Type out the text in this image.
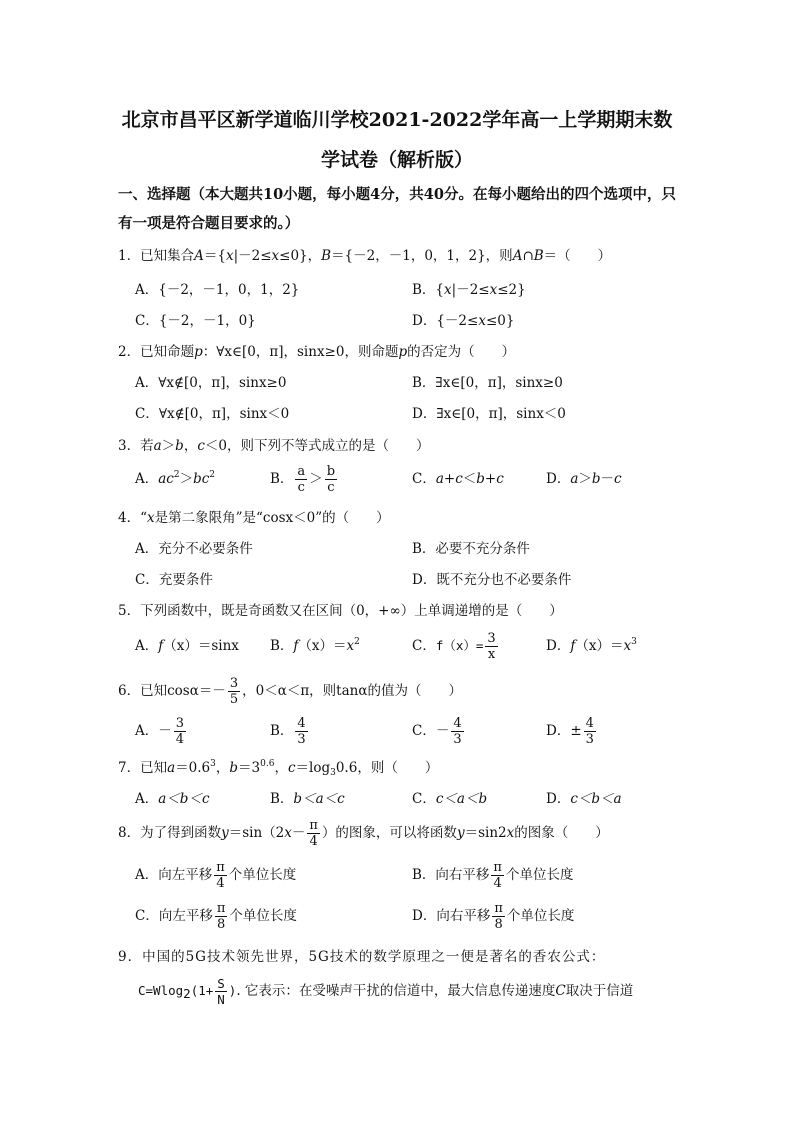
北京市昌平区新学道临川学校2021-2022学年高一上学期期末数
学试卷（解析版）
一、选择题（本大题共10小题，每小题4分，共40分。在每小题给出的四个选项中，只
有一项是符合题目要求的。）
1．已知集合A＝{x|－2≤x≤0}，B＝{－2，－1，0，1，2}，则A∩B＝（　　）
A．{－2，－1，0，1，2}	B．{x|－2≤x≤2}
C．{－2，－1，0}	D．{－2≤x≤0}
2．已知命题p：∀x∈[0，π]，sinx≥0，则命题p的否定为（　　）
A．∀x∉[0，π]，sinx≥0	B．∃x∈[0，π]，sinx≥0
C．∀x∉[0，π]，sinx＜0	D．∃x∈[0，π]，sinx＜0
3．若a＞b，c＜0，则下列不等式成立的是（　　）
A．$ac^2>bc^2$	B． $\frac{a}{c} > \frac{b}{c}$	C．a+c＜b+c	D．a＞b－c
4．“x是第二象限角”是“cosx＜0”的（　　）
A．充分不必要条件	B．必要不充分条件
C．充要条件	D．既不充分也不必要条件
5．下列函数中，既是奇函数又在区间（0，+∞）上单调递增的是（　　）
A．f（x）＝sinx B．$f(x)=x^2$	C．$f(x)= \frac{3}{x}$	D．$f(x)=x^3$
6．已知$\cos\alpha=- \frac{3}{5}$ ，0＜α＜π，则tanα的值为（　　）
A．－ $\frac{3}{4}$	B． $\frac{4}{3}$	C．－ $\frac{4}{3}$	D．± $\frac{4}{3}$
7．已知$a=0.6^3$，$b=3^{0.6}$，$c=\log_30.6$，则（　　）
A．a＜b＜c	B．b＜a＜c	C．c＜a＜b	D．c＜b＜a
8．为了得到函数$y=\sin(2x- \frac{\pi}{4}$ ）的图象，可以将函数y＝sin2x的图象（　　）
A．向左平移 $\frac{\pi}{4}$ 个单位长度	B．向右平移 $\frac{\pi}{4}$ 个单位长度
C．向左平移 $\frac{\pi}{8}$ 个单位长度	D．向右平移 $\frac{\pi}{8}$ 个单位长度
9．中国的5G技术领先世界，5G技术的数学原理之一便是著名的香农公式：
$C=Wlog_2(1+ \frac{S}{N}$ ). 它表示：在受噪声干扰的信道中，最大信息传递速度C取决于信道
